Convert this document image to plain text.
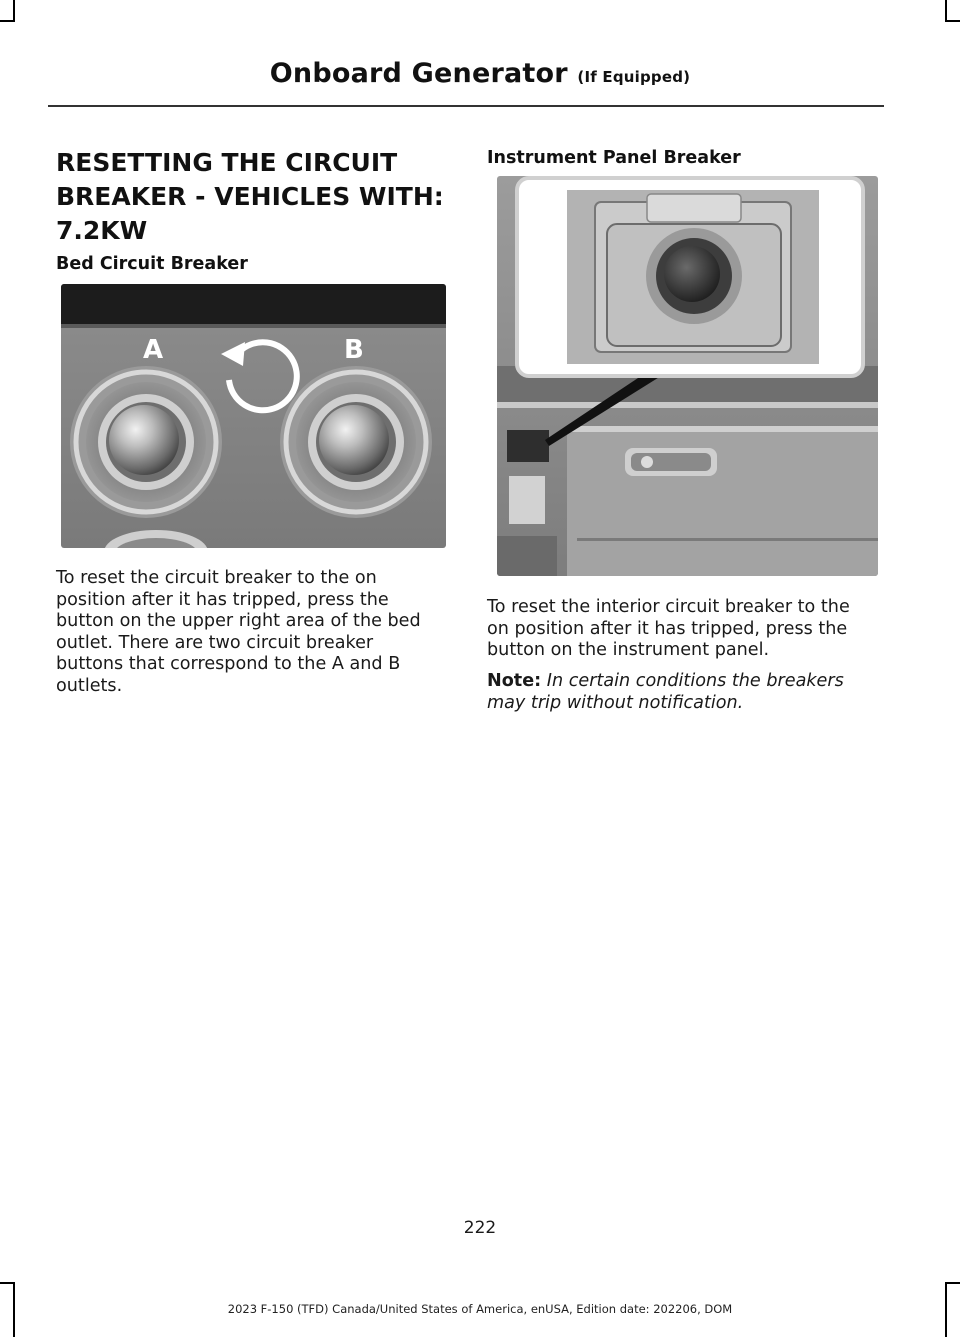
Onboard Generator (If Equipped)
RESETTING THE CIRCUIT BREAKER - VEHICLES WITH: 7.2KW
Bed Circuit Breaker
A	B
To reset the circuit breaker to the on position after it has tripped, press the button on the upper right area of the bed outlet. There are two circuit breaker buttons that correspond to the A and B outlets.
Instrument Panel Breaker
To reset the interior circuit breaker to the on position after it has tripped, press the button on the instrument panel.
Note: In certain conditions the breakers may trip without notification.
222
2023 F-150 (TFD) Canada/United States of America, enUSA, Edition date: 202206, DOM
